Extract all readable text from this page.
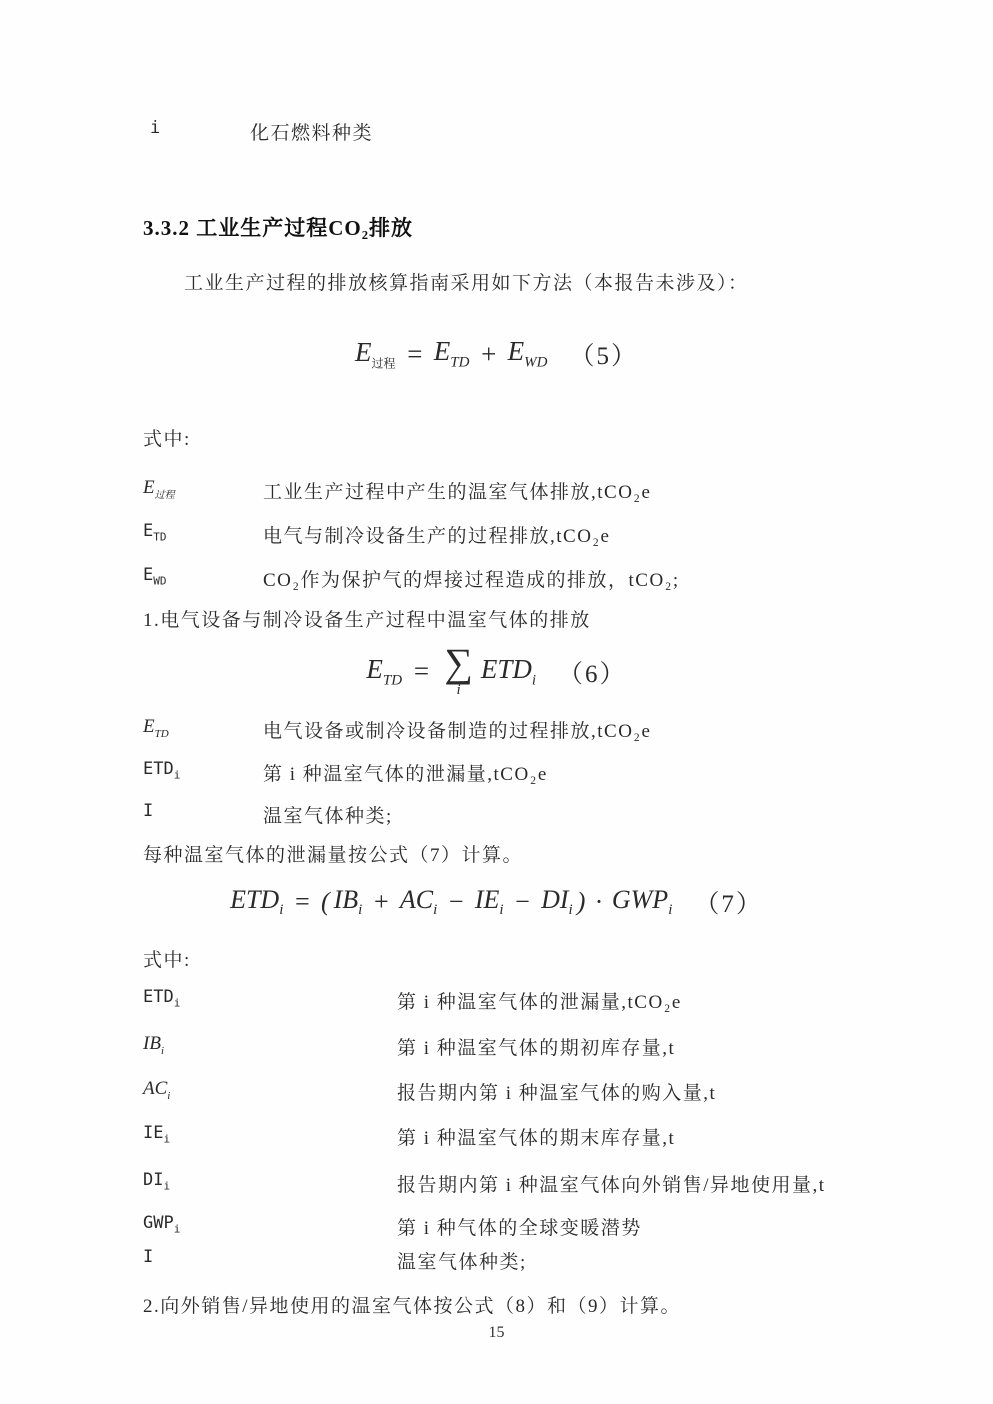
i	化石燃料种类
3.3.2 工业生产过程CO₂排放
工业生产过程的排放核算指南采用如下方法（本报告未涉及）：
$E_{过程} = E_{TD} + E_{WD}$ （5）
式中:
$E_{过程}$	工业生产过程中产生的温室气体排放,tCO₂e
$E_{TD}$	电气与制冷设备生产的过程排放,tCO₂e
$E_{WD}$	CO₂作为保护气的焊接过程造成的排放，tCO₂;
1.电气设备与制冷设备生产过程中温室气体的排放
$E_{TD}$ = ∑
i
$ETD_i$ （6）
$E_{TD}$	电气设备或制冷设备制造的过程排放,tCO₂e
$ETD_i$	第 i 种温室气体的泄漏量,tCO₂e
I	温室气体种类;
每种温室气体的泄漏量按公式（7）计算。
$ETD_i$ = ( $IB_i + AC_i - IE_i - DI_i$ ) · $GWP_i$ （7）
式中:
$ETD_i$	第 i 种温室气体的泄漏量,tCO₂e
$IB_i$	第 i 种温室气体的期初库存量,t
$AC_i$	报告期内第 i 种温室气体的购入量,t
$IE_i$	第 i 种温室气体的期末库存量,t
$DI_i$	报告期内第 i 种温室气体向外销售/异地使用量,t
$GWP_i$	第 i 种气体的全球变暖潜势
I	温室气体种类;
2.向外销售/异地使用的温室气体按公式（8）和（9）计算。
15
